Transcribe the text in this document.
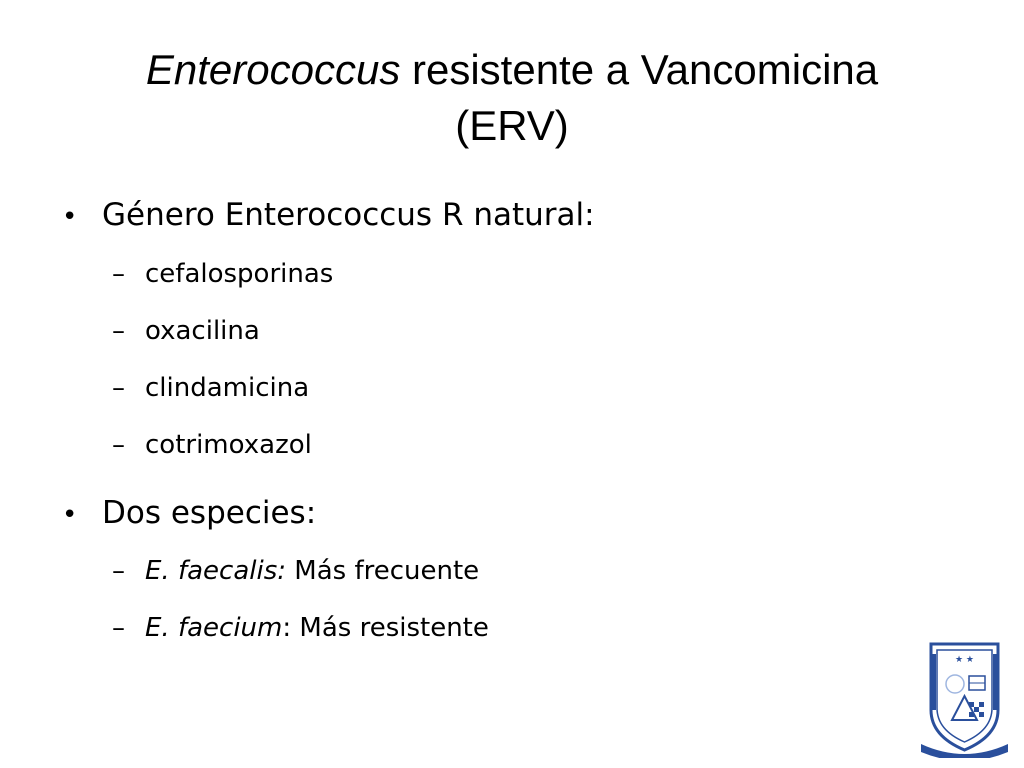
Enterococcus resistente a Vancomicina
(ERV)
• Género Enterococcus R natural:
– cefalosporinas
– oxacilina
– clindamicina
– cotrimoxazol
• Dos especies:
– E. faecalis: Más frecuente
– E. faecium: Más resistente
★ ★
